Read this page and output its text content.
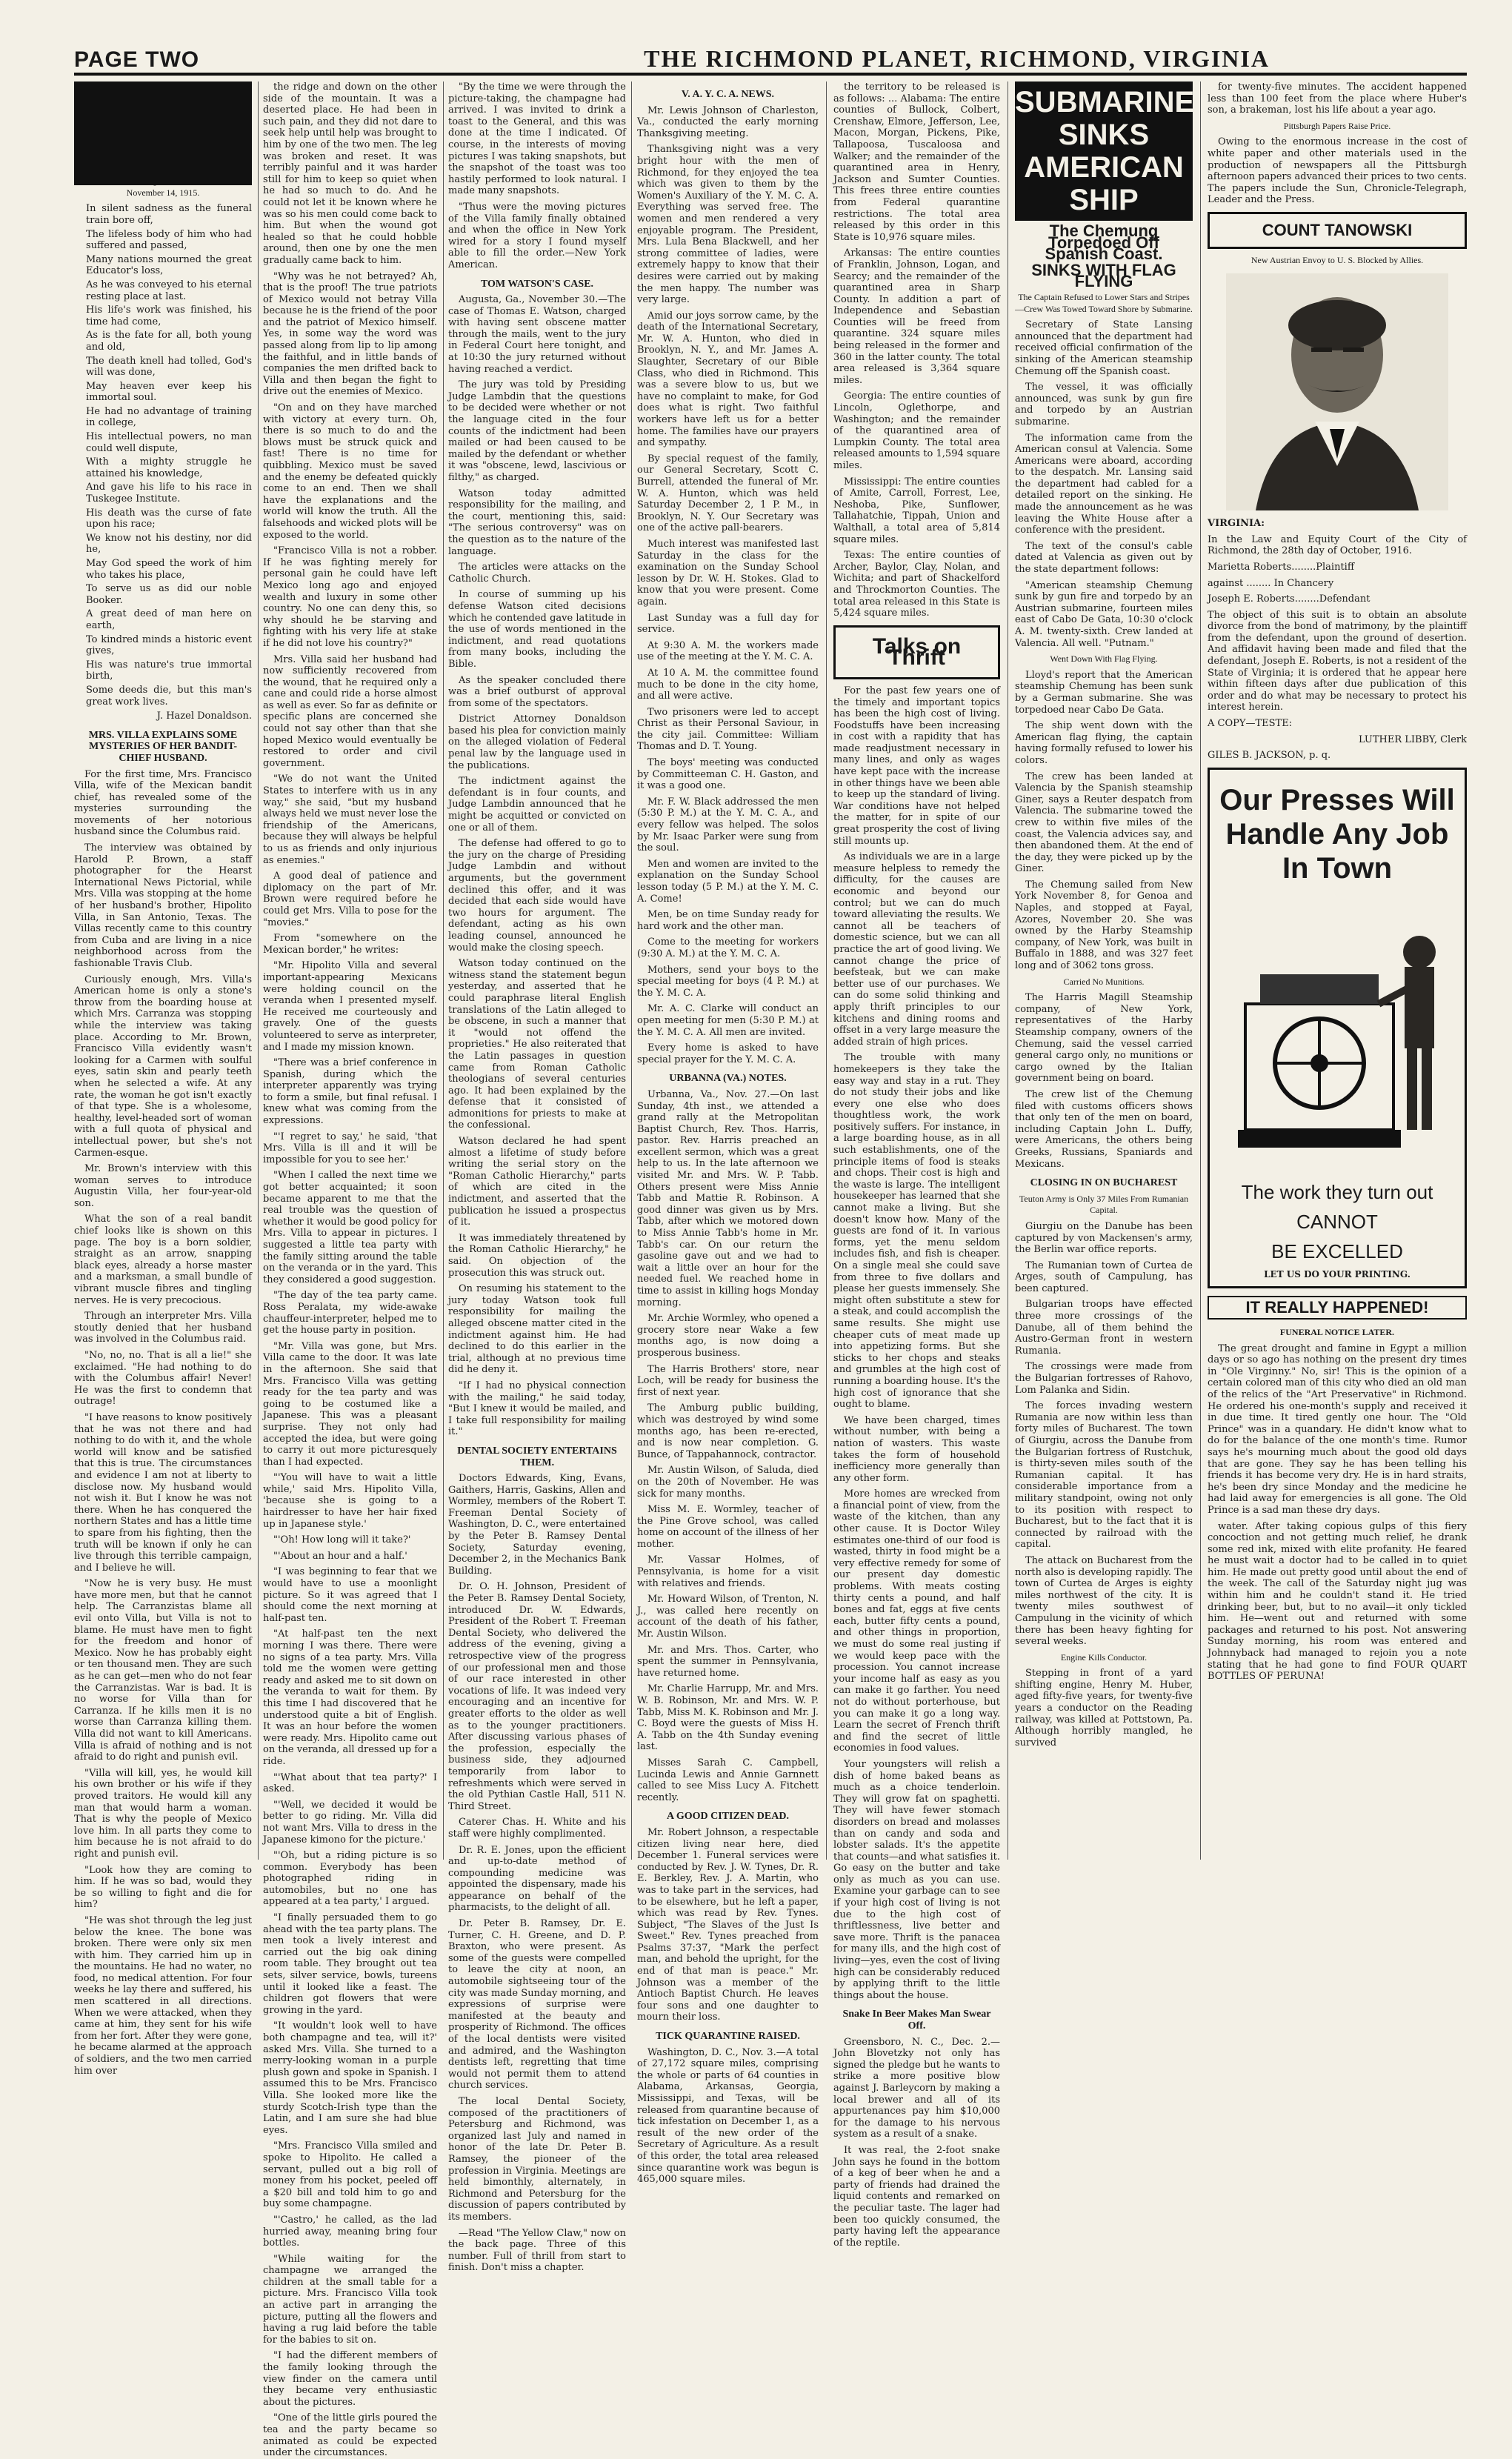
PAGE TWO	THE RICHMOND PLANET, RICHMOND, VIRGINIA
November 14, 1915.

In silent sadness as the funeral train bore off,

The lifeless body of him who had suffered and passed,

Many nations mourned the great Educator's loss,

As he was conveyed to his eternal resting place at last.

His life's work was finished, his time had come,

As is the fate for all, both young and old,

The death knell had tolled, God's will was done,

May heaven ever keep his immortal soul.

He had no advantage of training in college,

His intellectual powers, no man could well dispute,

With a mighty struggle he attained his knowledge,

And gave his life to his race in Tuskegee Institute.

His death was the curse of fate upon his race;

We know not his destiny, nor did he,

May God speed the work of him who takes his place,

To serve us as did our noble Booker.

A great deed of man here on earth,

To kindred minds a historic event gives,

His was nature's true immortal birth,

Some deeds die, but this man's great work lives.

J. Hazel Donaldson.

MRS. VILLA EXPLAINS SOME MYSTERIES OF HER BANDIT-CHIEF HUSBAND.

For the first time, Mrs. Francisco Villa, wife of the Mexican bandit chief, has revealed some of the mysteries surrounding the movements of her notorious husband since the Columbus raid.

The interview was obtained by Harold P. Brown, a staff photographer for the Hearst International News Pictorial, while Mrs. Villa was stopping at the home of her husband's brother, Hipolito Villa, in San Antonio, Texas. The Villas recently came to this country from Cuba and are living in a nice neighborhood across from the fashionable Travis Club.

Curiously enough, Mrs. Villa's American home is only a stone's throw from the boarding house at which Mrs. Carranza was stopping while the interview was taking place. According to Mr. Brown, Francisco Villa evidently wasn't looking for a Carmen with soulful eyes, satin skin and pearly teeth when he selected a wife. At any rate, the woman he got isn't exactly of that type. She is a wholesome, healthy, level-headed sort of woman with a full quota of physical and intellectual power, but she's not Carmen-esque.

Mr. Brown's interview with this woman serves to introduce Augustin Villa, her four-year-old son.

What the son of a real bandit chief looks like is shown on this page. The boy is a born soldier, straight as an arrow, snapping black eyes, already a horse master and a marksman, a small bundle of vibrant muscle fibres and tingling nerves. He is very precocious.

Through an interpreter Mrs. Villa stoutly denied that her husband was involved in the Columbus raid.

"No, no, no. That is all a lie!" she exclaimed. "He had nothing to do with the Columbus affair! Never! He was the first to condemn that outrage!

"I have reasons to know positively that he was not there and had nothing to do with it, and the whole world will know and be satisfied that this is true. The circumstances and evidence I am not at liberty to disclose now. My husband would not wish it. But I know he was not there. When he has conquered the northern States and has a little time to spare from his fighting, then the truth will be known if only he can live through this terrible campaign, and I believe he will.

"Now he is very busy. He must have more men, but that he cannot help. The Carranzistas blame all evil onto Villa, but Villa is not to blame. He must have men to fight for the freedom and honor of Mexico. Now he has probably eight or ten thousand men. They are such as he can get—men who do not fear the Carranzistas. War is bad. It is no worse for Villa than for Carranza. If he kills men it is no worse than Carranza killing them. Villa did not want to kill Americans. Villa is afraid of nothing and is not afraid to do right and punish evil.

"Villa will kill, yes, he would kill his own brother or his wife if they proved traitors. He would kill any man that would harm a woman. That is why the people of Mexico love him. In all parts they come to him because he is not afraid to do right and punish evil.

"Look how they are coming to him. If he was so bad, would they be so willing to fight and die for him?

"He was shot through the leg just below the knee. The bone was broken. There were only six men with him. They carried him up in the mountains. He had no water, no food, no medical attention. For four weeks he lay there and suffered, his men scattered in all directions. When we were attacked, when they came at him, they sent for his wife from her fort. After they were gone, he became alarmed at the approach of soldiers, and the two men carried him over

the ridge and down on the other side of the mountain. It was a deserted place. He had been in such pain, and they did not dare to seek help until help was brought to him by one of the two men. The leg was broken and reset. It was terribly painful and it was harder still for him to keep so quiet when he had so much to do. And he could not let it be known where he was so his men could come back to him. But when the wound got healed so that he could hobble around, then one by one the men gradually came back to him.

"Why was he not betrayed? Ah, that is the proof! The true patriots of Mexico would not betray Villa because he is the friend of the poor and the patriot of Mexico himself. Yes, in some way the word was passed along from lip to lip among the faithful, and in little bands of companies the men drifted back to Villa and then began the fight to drive out the enemies of Mexico.

"On and on they have marched with victory at every turn. Oh, there is so much to do and the blows must be struck quick and fast! There is no time for quibbling. Mexico must be saved and the enemy be defeated quickly come to an end. Then we shall have the explanations and the world will know the truth. All the falsehoods and wicked plots will be exposed to the world.

"Francisco Villa is not a robber. If he was fighting merely for personal gain he could have left Mexico long ago and enjoyed wealth and luxury in some other country. No one can deny this, so why should he be starving and fighting with his very life at stake if he did not love his country?"

Mrs. Villa said her husband had now sufficiently recovered from the wound, that he required only a cane and could ride a horse almost as well as ever. So far as definite or specific plans are concerned she could not say other than that she hoped Mexico would eventually be restored to order and civil government.

"We do not want the United States to interfere with us in any way," she said, "but my husband always held we must never lose the friendship of the Americans, because they will always be helpful to us as friends and only injurious as enemies."

A good deal of patience and diplomacy on the part of Mr. Brown were required before he could get Mrs. Villa to pose for the "movies."

From "somewhere on the Mexican border," he writes:

"Mr. Hipolito Villa and several important-appearing Mexicans were holding council on the veranda when I presented myself. He received me courteously and gravely. One of the guests volunteered to serve as interpreter, and I made my mission known.

"There was a brief conference in Spanish, during which the interpreter apparently was trying to form a smile, but final refusal. I knew what was coming from the expressions.

"'I regret to say,' he said, 'that Mrs. Villa is ill and it will be impossible for you to see her.'

"When I called the next time we got better acquainted; it soon became apparent to me that the real trouble was the question of whether it would be good policy for Mrs. Villa to appear in pictures. I suggested a little tea party with the family sitting around the table on the veranda or in the yard. This they considered a good suggestion.

"The day of the tea party came. Ross Peralata, my wide-awake chauffeur-interpreter, helped me to get the house party in position.

"Mr. Villa was gone, but Mrs. Villa came to the door. It was late in the afternoon. She said that Mrs. Francisco Villa was getting ready for the tea party and was going to be costumed like a Japanese. This was a pleasant surprise. They not only had accepted the idea, but were going to carry it out more picturesquely than I had expected.

"'You will have to wait a little while,' said Mrs. Hipolito Villa, 'because she is going to a hairdresser to have her hair fixed up in Japanese style.'

"'Oh! How long will it take?'

"'About an hour and a half.'

"I was beginning to fear that we would have to use a moonlight picture. So it was agreed that I should come the next morning at half-past ten.

"At half-past ten the next morning I was there. There were no signs of a tea party. Mrs. Villa told me the women were getting ready and asked me to sit down on the veranda to wait for them. By this time I had discovered that he understood quite a bit of English. It was an hour before the women were ready. Mrs. Hipolito came out on the veranda, all dressed up for a ride.

"'What about that tea party?' I asked.

"'Well, we decided it would be better to go riding. Mr. Villa did not want Mrs. Villa to dress in the Japanese kimono for the picture.'

"'Oh, but a riding picture is so common. Everybody has been photographed riding in automobiles, but no one has appeared at a tea party,' I argued.

"I finally persuaded them to go ahead with the tea party plans. The men took a lively interest and carried out the big oak dining room table. They brought out tea sets, silver service, bowls, tureens until it looked like a feast. The children got flowers that were growing in the yard.

"It wouldn't look well to have both champagne and tea, will it?' asked Mrs. Villa. She turned to a merry-looking woman in a purple plush gown and spoke in Spanish. I assumed this to be Mrs. Francisco Villa. She looked more like the sturdy Scotch-Irish type than the Latin, and I am sure she had blue eyes.

"Mrs. Francisco Villa smiled and spoke to Hipolito. He called a servant, pulled out a big roll of money from his pocket, peeled off a $20 bill and told him to go and buy some champagne.

"'Castro,' he called, as the lad hurried away, meaning bring four bottles.

"While waiting for the champagne we arranged the children at the small table for a picture. Mrs. Francisco Villa took an active part in arranging the picture, putting all the flowers and having a rug laid before the table for the babies to sit on.

"I had the different members of the family looking through the view finder on the camera until they became very enthusiastic about the pictures.

"One of the little girls poured the tea and the party became so animated as could be expected under the circumstances.

"By the time we were through the picture-taking, the champagne had arrived. I was invited to drink a toast to the General, and this was done at the time I indicated. Of course, in the interests of moving pictures I was taking snapshots, but the snapshot of the toast was too hastily performed to look natural. I made many snapshots.

"Thus were the moving pictures of the Villa family finally obtained and when the office in New York wired for a story I found myself able to fill the order.—New York American.

TOM WATSON'S CASE.

Augusta, Ga., November 30.—The case of Thomas E. Watson, charged with having sent obscene matter through the mails, went to the jury in Federal Court here tonight, and at 10:30 the jury returned without having reached a verdict.

The jury was told by Presiding Judge Lambdin that the questions to be decided were whether or not the language cited in the four counts of the indictment had been mailed or had been caused to be mailed by the defendant or whether it was "obscene, lewd, lascivious or filthy," as charged.

Watson today admitted responsibility for the mailing, and the court, mentioning this, said: "The serious controversy" was on the question as to the nature of the language.

The articles were attacks on the Catholic Church.

In course of summing up his defense Watson cited decisions which he contended gave latitude in the use of words mentioned in the indictment, and read quotations from many books, including the Bible.

As the speaker concluded there was a brief outburst of approval from some of the spectators.

District Attorney Donaldson based his plea for conviction mainly on the alleged violation of Federal penal law by the language used in the publications.

The indictment against the defendant is in four counts, and Judge Lambdin announced that he might be acquitted or convicted on one or all of them.

The defense had offered to go to the jury on the charge of Presiding Judge Lambdin and without arguments, but the government declined this offer, and it was decided that each side would have two hours for argument. The defendant, acting as his own leading counsel, announced he would make the closing speech.

Watson today continued on the witness stand the statement begun yesterday, and asserted that he could paraphrase literal English translations of the Latin alleged to be obscene, in such a manner that it "would not offend the proprieties." He also reiterated that the Latin passages in question came from Roman Catholic theologians of several centuries ago. It had been explained by the defense that it consisted of admonitions for priests to make at the confessional.

Watson declared he had spent almost a lifetime of study before writing the serial story on the "Roman Catholic Hierarchy," parts of which are cited in the indictment, and asserted that the publication he issued a prospectus of it.

It was immediately threatened by the Roman Catholic Hierarchy," he said. On objection of the prosecution this was struck out.

On resuming his statement to the jury today Watson took full responsibility for mailing the alleged obscene matter cited in the indictment against him. He had declined to do this earlier in the trial, although at no previous time did he deny it.

"If I had no physical connection with the mailing," he said today, "But I knew it would be mailed, and I take full responsibility for mailing it."

DENTAL SOCIETY ENTERTAINS THEM.

Doctors Edwards, King, Evans, Gaithers, Harris, Gaskins, Allen and Wormley, members of the Robert T. Freeman Dental Society of Washington, D. C., were entertained by the Peter B. Ramsey Dental Society, Saturday evening, December 2, in the Mechanics Bank Building.

Dr. O. H. Johnson, President of the Peter B. Ramsey Dental Society, introduced Dr. W. Edwards, President of the Robert T. Freeman Dental Society, who delivered the address of the evening, giving a retrospective view of the progress of our professional men and those of our race interested in other vocations of life. It was indeed very encouraging and an incentive for greater efforts to the older as well as to the younger practitioners. After discussing various phases of the profession, especially the business side, they adjourned temporarily from labor to refreshments which were served in the old Pythian Castle Hall, 511 N. Third Street.

Caterer Chas. H. White and his staff were highly complimented.

Dr. R. E. Jones, upon the efficient and up-to-date method of compounding medicine was appointed the dispensary, made his appearance on behalf of the pharmacists, to the delight of all.

Dr. Peter B. Ramsey, Dr. E. Turner, C. H. Greene, and D. P. Braxton, who were present. As some of the guests were compelled to leave the city at noon, an automobile sightseeing tour of the city was made Sunday morning, and expressions of surprise were manifested at the beauty and prosperity of Richmond. The offices of the local dentists were visited and admired, and the Washington dentists left, regretting that time would not permit them to attend church services.

The local Dental Society, composed of the practitioners of Petersburg and Richmond, was organized last July and named in honor of the late Dr. Peter B. Ramsey, the pioneer of the profession in Virginia. Meetings are held bimonthly, alternately, in Richmond and Petersburg for the discussion of papers contributed by its members.

—Read "The Yellow Claw," now on the back page. Three of this number. Full of thrill from start to finish. Don't miss a chapter.

V. A. Y. C. A. NEWS.

Mr. Lewis Johnson of Charleston, Va., conducted the early morning Thanksgiving meeting.

Thanksgiving night was a very bright hour with the men of Richmond, for they enjoyed the tea which was given to them by the Women's Auxiliary of the Y. M. C. A. Everything was served free. The women and men rendered a very enjoyable program. The President, Mrs. Lula Bena Blackwell, and her strong committee of ladies, were extremely happy to know that their desires were carried out by making the men happy. The number was very large.

Amid our joys sorrow came, by the death of the International Secretary, Mr. W. A. Hunton, who died in Brooklyn, N. Y., and Mr. James A. Slaughter, Secretary of our Bible Class, who died in Richmond. This was a severe blow to us, but we have no complaint to make, for God does what is right. Two faithful workers have left us for a better home. The families have our prayers and sympathy.

By special request of the family, our General Secretary, Scott C. Burrell, attended the funeral of Mr. W. A. Hunton, which was held Saturday December 2, 1 P. M., in Brooklyn, N. Y. Our Secretary was one of the active pall-bearers.

Much interest was manifested last Saturday in the class for the examination on the Sunday School lesson by Dr. W. H. Stokes. Glad to know that you were present. Come again.

Last Sunday was a full day for service.

At 9:30 A. M. the workers made use of the meeting at the Y. M. C. A.

At 10 A. M. the committee found much to be done in the city home, and all were active.

Two prisoners were led to accept Christ as their Personal Saviour, in the city jail. Committee: William Thomas and D. T. Young.

The boys' meeting was conducted by Committeeman C. H. Gaston, and it was a good one.

Mr. F. W. Black addressed the men (5:30 P. M.) at the Y. M. C. A., and every fellow was helped. The solos by Mr. Isaac Parker were sung from the soul.

Men and women are invited to the explanation on the Sunday School lesson today (5 P. M.) at the Y. M. C. A. Come!

Men, be on time Sunday ready for hard work and the other man.

Come to the meeting for workers (9:30 A. M.) at the Y. M. C. A.

Mothers, send your boys to the special meeting for boys (4 P. M.) at the Y. M. C. A.

Mr. A. C. Clarke will conduct an open meeting for men (5:30 P. M.) at the Y. M. C. A. All men are invited.

Every home is asked to have special prayer for the Y. M. C. A.

URBANNA (VA.) NOTES.

Urbanna, Va., Nov. 27.—On last Sunday, 4th inst., we attended a grand rally at the Metropolitan Baptist Church, Rev. Thos. Harris, pastor. Rev. Harris preached an excellent sermon, which was a great help to us. In the late afternoon we visited Mr. and Mrs. W. P. Tabb. Others present were Miss Annie Tabb and Mattie R. Robinson. A good dinner was given us by Mrs. Tabb, after which we motored down to Miss Annie Tabb's home in Mr. Tabb's car. On our return the gasoline gave out and we had to wait a little over an hour for the needed fuel. We reached home in time to assist in killing hogs Monday morning.

Mr. Archie Wormley, who opened a grocery store near Wake a few months ago, is now doing a prosperous business.

The Harris Brothers' store, near Loch, will be ready for business the first of next year.

The Amburg public building, which was destroyed by wind some months ago, has been re-erected, and is now near completion. G. Bunce, of Tappahannock, contractor.

Mr. Austin Wilson, of Saluda, died on the 20th of November. He was sick for many months.

Miss M. E. Wormley, teacher of the Pine Grove school, was called home on account of the illness of her mother.

Mr. Vassar Holmes, of Pennsylvania, is home for a visit with relatives and friends.

Mr. Howard Wilson, of Trenton, N. J., was called here recently on account of the death of his father, Mr. Austin Wilson.

Mr. and Mrs. Thos. Carter, who spent the summer in Pennsylvania, have returned home.

Mr. Charlie Harrupp, Mr. and Mrs. W. B. Robinson, Mr. and Mrs. W. P. Tabb, Miss M. K. Robinson and Mr. J. C. Boyd were the guests of Miss H. A. Tabb on the 4th Sunday evening last.

Misses Sarah C. Campbell, Lucinda Lewis and Annie Garnnett called to see Miss Lucy A. Fitchett recently.

A GOOD CITIZEN DEAD.

Mr. Robert Johnson, a respectable citizen living near here, died December 1. Funeral services were conducted by Rev. J. W. Tynes, Dr. R. E. Berkley, Rev. J. A. Martin, who was to take part in the services, had to be elsewhere, but he left a paper, which was read by Rev. Tynes. Subject, "The Slaves of the Just Is Sweet." Rev. Tynes preached from Psalms 37:37, "Mark the perfect man, and behold the upright, for the end of that man is peace." Mr. Johnson was a member of the Antioch Baptist Church. He leaves four sons and one daughter to mourn their loss.

TICK QUARANTINE RAISED.

Washington, D. C., Nov. 3.—A total of 27,172 square miles, comprising the whole or parts of 64 counties in Alabama, Arkansas, Georgia, Mississippi, and Texas, will be released from quarantine because of tick infestation on December 1, as a result of the new order of the Secretary of Agriculture. As a result of this order, the total area released since quarantine work was begun is 465,000 square miles.

the territory to be released is as follows: ... Alabama: The entire counties of Bullock, Colbert, Crenshaw, Elmore, Jefferson, Lee, Macon, Morgan, Pickens, Pike, Tallapoosa, Tuscaloosa and Walker; and the remainder of the quarantined area in Henry, Jackson and Sumter Counties. This frees three entire counties from Federal quarantine restrictions. The total area released by this order in this State is 10,976 square miles.

Arkansas: The entire counties of Franklin, Johnson, Logan, and Searcy; and the remainder of the quarantined area in Sharp County. In addition a part of Independence and Sebastian Counties will be freed from quarantine. 324 square miles being released in the former and 360 in the latter county. The total area released is 3,364 square miles.

Georgia: The entire counties of Lincoln, Oglethorpe, and Washington; and the remainder of the quarantined area of Lumpkin County. The total area released amounts to 1,594 square miles.

Mississippi: The entire counties of Amite, Carroll, Forrest, Lee, Neshoba, Pike, Sunflower, Tallahatchie, Tippah, Union and Walthall, a total area of 5,814 square miles.

Texas: The entire counties of Archer, Baylor, Clay, Nolan, and Wichita; and part of Shackelford and Throckmorton Counties. The total area released in this State is 5,424 square miles.

Talks on Thrift

For the past few years one of the timely and important topics has been the high cost of living. Foodstuffs have been increasing in cost with a rapidity that has made readjustment necessary in many lines, and only as wages have kept pace with the increase in other things have we been able to keep up the standard of living. War conditions have not helped the matter, for in spite of our great prosperity the cost of living still mounts up.

As individuals we are in a large measure helpless to remedy the difficulty, for the causes are economic and beyond our control; but we can do much toward alleviating the results. We cannot all be teachers of domestic science, but we can all practice the art of good living. We cannot change the price of beefsteak, but we can make better use of our purchases. We can do some solid thinking and apply thrift principles to our kitchens and dining rooms and offset in a very large measure the added strain of high prices.

The trouble with many homekeepers is they take the easy way and stay in a rut. They do not study their jobs and like every one else who does thoughtless work, the work positively suffers. For instance, in a large boarding house, as in all such establishments, one of the principle items of food is steaks and chops. Their cost is high and the waste is large. The intelligent housekeeper has learned that she cannot make a living. But she doesn't know how. Many of the guests are fond of it. In various forms, yet the menu seldom includes fish, and fish is cheaper. On a single meal she could save from three to five dollars and please her guests immensely. She might often substitute a stew for a steak, and could accomplish the same results. She might use cheaper cuts of meat made up into appetizing forms. But she sticks to her chops and steaks and grumbles at the high cost of running a boarding house. It's the high cost of ignorance that she ought to blame.

We have been charged, times without number, with being a nation of wasters. This waste takes the form of household inefficiency more generally than any other form.

More homes are wrecked from a financial point of view, from the waste of the kitchen, than any other cause. It is Doctor Wiley estimates one-third of our food is wasted, thirty in food might be a very effective remedy for some of our present day domestic problems. With meats costing thirty cents a pound, and half bones and fat, eggs at five cents each, butter fifty cents a pound, and other things in proportion, we must do some real justing if we would keep pace with the procession. You cannot increase your income half as easy as you can make it go farther. You need not do without porterhouse, but you can make it go a long way. Learn the secret of French thrift and find the secret of little economies in food values.

Your youngsters will relish a dish of home baked beans as much as a choice tenderloin. They will grow fat on spaghetti. They will have fewer stomach disorders on bread and molasses than on candy and soda and lobster salads. It's the appetite that counts—and what satisfies it. Go easy on the butter and take only as much as you can use. Examine your garbage can to see if your high cost of living is not due to the high cost of thriftlessness, live better and save more. Thrift is the panacea for many ills, and the high cost of living—yes, even the cost of living high can be considerably reduced by applying thrift to the little things about the house.

Snake In Beer Makes Man Swear Off.

Greensboro, N. C., Dec. 2.—John Blovetzky not only has signed the pledge but he wants to strike a more positive blow against J. Barleycorn by making a local brewer and all of its appurtenances pay him $10,000 for the damage to his nervous system as a result of a snake.

It was real, the 2-foot snake John says he found in the bottom of a keg of beer when he and a party of friends had drained the liquid contents and remarked on the peculiar taste. The lager had been too quickly consumed, the party having left the appearance of the reptile.

SUBMARINE SINKS AMERICAN SHIP
The Chemung Torpedoed Off Spanish Coast.
SINKS WITH FLAG FLYING
The Captain Refused to Lower Stars and Stripes—Crew Was Towed Toward Shore by Submarine.

Secretary of State Lansing announced that the department had received official confirmation of the sinking of the American steamship Chemung off the Spanish coast.

The vessel, it was officially announced, was sunk by gun fire and torpedo by an Austrian submarine.

The information came from the American consul at Valencia. Some Americans were aboard, according to the despatch. Mr. Lansing said the department had cabled for a detailed report on the sinking. He made the announcement as he was leaving the White House after a conference with the president.

The text of the consul's cable dated at Valencia as given out by the state department follows:

"American steamship Chemung sunk by gun fire and torpedo by an Austrian submarine, fourteen miles east of Cabo De Gata, 10:30 o'clock A. M. twenty-sixth. Crew landed at Valencia. All well. "Putnam."

Went Down With Flag Flying.

Lloyd's report that the American steamship Chemung has been sunk by a German submarine. She was torpedoed near Cabo De Gata.

The ship went down with the American flag flying, the captain having formally refused to lower his colors.

The crew has been landed at Valencia by the Spanish steamship Giner, says a Reuter despatch from Valencia. The submarine towed the crew to within five miles of the coast, the Valencia advices say, and then abandoned them. At the end of the day, they were picked up by the Giner.

The Chemung sailed from New York November 8, for Genoa and Naples, and stopped at Fayal, Azores, November 20. She was owned by the Harby Steamship company, of New York, was built in Buffalo in 1888, and was 327 feet long and of 3062 tons gross.

Carried No Munitions.

The Harris Magill Steamship company, of New York, representatives of the Harby Steamship company, owners of the Chemung, said the vessel carried general cargo only, no munitions or cargo owned by the Italian government being on board.

The crew list of the Chemung filed with customs officers shows that only ten of the men on board, including Captain John L. Duffy, were Americans, the others being Greeks, Russians, Spaniards and Mexicans.

CLOSING IN ON BUCHAREST
Teuton Army is Only 37 Miles From Rumanian Capital.

Giurgiu on the Danube has been captured by von Mackensen's army, the Berlin war office reports.

The Rumanian town of Curtea de Arges, south of Campulung, has been captured.

Bulgarian troops have effected three more crossings of the Danube, all of them behind the Austro-German front in western Rumania.

The crossings were made from the Bulgarian fortresses of Rahovo, Lom Palanka and Sidin.

The forces invading western Rumania are now within less than forty miles of Bucharest. The town of Giurgiu, across the Danube from the Bulgarian fortress of Rustchuk, is thirty-seven miles south of the Rumanian capital. It has considerable importance from a military standpoint, owing not only to its position with respect to Bucharest, but to the fact that it is connected by railroad with the capital.

The attack on Bucharest from the north also is developing rapidly. The town of Curtea de Arges is eighty miles northwest of the city. It is twenty miles southwest of Campulung in the vicinity of which there has been heavy fighting for several weeks.

Engine Kills Conductor.

Stepping in front of a yard shifting engine, Henry M. Huber, aged fifty-five years, for twenty-five years a conductor on the Reading railway, was killed at Pottstown, Pa. Although horribly mangled, he survived

for twenty-five minutes. The accident happened less than 100 feet from the place where Huber's son, a brakeman, lost his life about a year ago.

Pittsburgh Papers Raise Price.

Owing to the enormous increase in the cost of white paper and other materials used in the production of newspapers all the Pittsburgh afternoon papers advanced their prices to two cents. The papers include the Sun, Chronicle-Telegraph, Leader and the Press.

COUNT TANOWSKI
New Austrian Envoy to U. S. Blocked by Allies.

VIRGINIA:

In the Law and Equity Court of the City of Richmond, the 28th day of October, 1916.

Marietta Roberts........Plaintiff

against ........ In Chancery

Joseph E. Roberts........Defendant

The object of this suit is to obtain an absolute divorce from the bond of matrimony, by the plaintiff from the defendant, upon the ground of desertion. And affidavit having been made and filed that the defendant, Joseph E. Roberts, is not a resident of the State of Virginia; it is ordered that he appear here within fifteen days after due publication of this order and do what may be necessary to protect his interest herein.

A COPY—TESTE:

LUTHER LIBBY, Clerk

GILES B. JACKSON, p. q.

Our Presses Will Handle Any Job In Town
The work they turn out
CANNOT
BE EXCELLED
LET US DO YOUR PRINTING.
IT REALLY HAPPENED!
FUNERAL NOTICE LATER.

The great drought and famine in Egypt a million days or so ago has nothing on the present dry times in "Ole Virginny." No, sir! This is the opinion of a certain colored man of this city who died an old man of the relics of the "Art Preservative" in Richmond. He ordered his one-month's supply and received it in due time. It tired gently one hour. The "Old Prince" was in a quandary. He didn't know what to do for the balance of the one month's time. Rumor says he's mourning much about the good old days that are gone. They say he has been telling his friends it has become very dry. He is in hard straits, he's been dry since Monday and the medicine he had laid away for emergencies is all gone. The Old Prince is a sad man these dry days.

water. After taking copious gulps of this fiery concoction and not getting much relief, he drank some red ink, mixed with elite profanity. He feared he must wait a doctor had to be called in to quiet him. He made out pretty good until about the end of the week. The call of the Saturday night jug was within him and he couldn't stand it. He tried drinking beer, but, but to no avail—it only tickled him. He—went out and returned with some packages and returned to his post. Not answering Sunday morning, his room was entered and Johnnyback had managed to rejoin you a note stating that he had gone to find FOUR QUART BOTTLES OF PERUNA!
